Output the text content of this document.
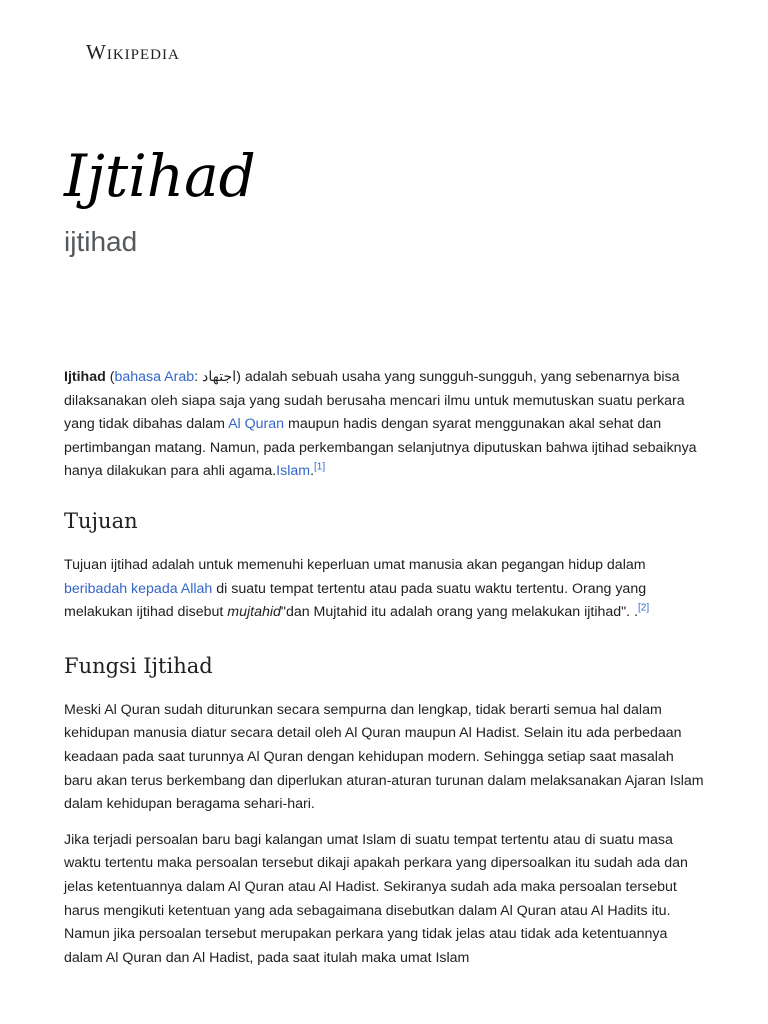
Wikipedia
Ijtihad
ijtihad

Ijtihad (bahasa Arab: اجتهاد) adalah sebuah usaha yang sungguh-sungguh, yang sebenarnya bisa dilaksanakan oleh siapa saja yang sudah berusaha mencari ilmu untuk memutuskan suatu perkara yang tidak dibahas dalam Al Quran maupun hadis dengan syarat menggunakan akal sehat dan pertimbangan matang. Namun, pada perkembangan selanjutnya diputuskan bahwa ijtihad sebaiknya hanya dilakukan para ahli agama.Islam.[1]

Tujuan

Tujuan ijtihad adalah untuk memenuhi keperluan umat manusia akan pegangan hidup dalam beribadah kepada Allah di suatu tempat tertentu atau pada suatu waktu tertentu. Orang yang melakukan ijtihad disebut mujtahid"dan Mujtahid itu adalah orang yang melakukan ijtihad". .[2]

Fungsi Ijtihad

Meski Al Quran sudah diturunkan secara sempurna dan lengkap, tidak berarti semua hal dalam kehidupan manusia diatur secara detail oleh Al Quran maupun Al Hadist. Selain itu ada perbedaan keadaan pada saat turunnya Al Quran dengan kehidupan modern. Sehingga setiap saat masalah baru akan terus berkembang dan diperlukan aturan-aturan turunan dalam melaksanakan Ajaran Islam dalam kehidupan beragama sehari-hari.

Jika terjadi persoalan baru bagi kalangan umat Islam di suatu tempat tertentu atau di suatu masa waktu tertentu maka persoalan tersebut dikaji apakah perkara yang dipersoalkan itu sudah ada dan jelas ketentuannya dalam Al Quran atau Al Hadist. Sekiranya sudah ada maka persoalan tersebut harus mengikuti ketentuan yang ada sebagaimana disebutkan dalam Al Quran atau Al Hadits itu. Namun jika persoalan tersebut merupakan perkara yang tidak jelas atau tidak ada ketentuannya dalam Al Quran dan Al Hadist, pada saat itulah maka umat Islam
